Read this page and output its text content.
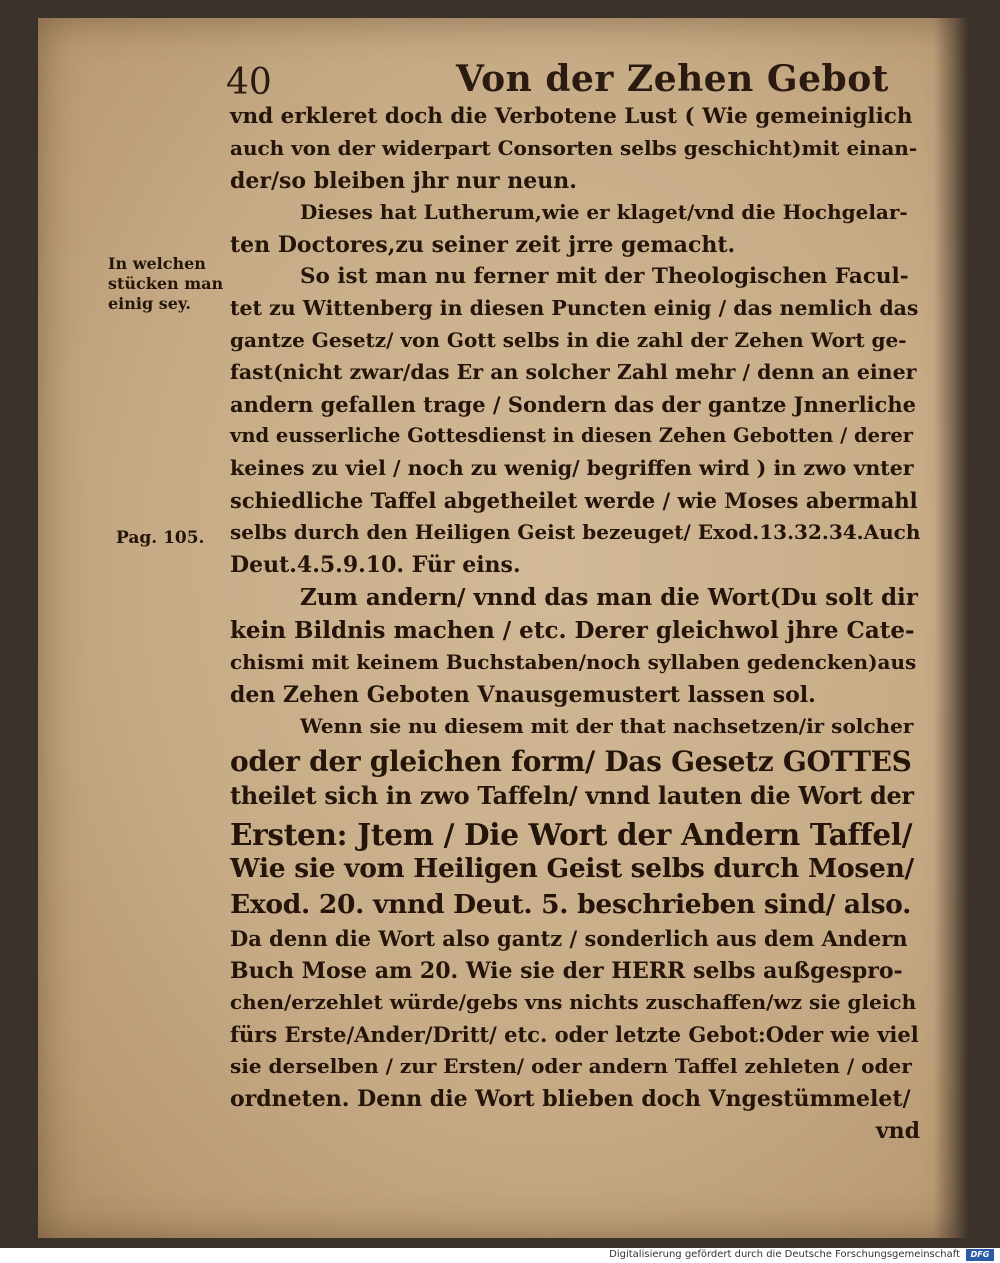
40	Von der Zehen Gebot
In welchen
stücken man
einig sey.
Pag. 105.
vnd erkleret doch die Verbotene Lust ( Wie gemeiniglich
auch von der widerpart Consorten selbs geschicht)mit einan-
der/so bleiben jhr nur neun.
Dieses hat Lutherum,wie er klaget/vnd die Hochgelar-
ten Doctores,zu seiner zeit jrre gemacht.
So ist man nu ferner mit der Theologischen Facul-
tet zu Wittenberg in diesen Puncten einig / das nemlich das
gantze Gesetz/ von Gott selbs in die zahl der Zehen Wort ge-
fast(nicht zwar/das Er an solcher Zahl mehr / denn an einer
andern gefallen trage / Sondern das der gantze Jnnerliche
vnd eusserliche Gottesdienst in diesen Zehen Gebotten / derer
keines zu viel / noch zu wenig/ begriffen wird ) in zwo vnter
schiedliche Taffel abgetheilet werde / wie Moses abermahl
selbs durch den Heiligen Geist bezeuget/ Exod.13.32.34.Auch
Deut.4.5.9.10. Für eins.
Zum andern/ vnnd das man die Wort(Du solt dir
kein Bildnis machen / etc. Derer gleichwol jhre Cate-
chismi mit keinem Buchstaben/noch syllaben gedencken)aus
den Zehen Geboten Vnausgemustert lassen sol.
Wenn sie nu diesem mit der that nachsetzen/ir solcher
oder der gleichen form/ Das Gesetz GOTTES
theilet sich in zwo Taffeln/ vnnd lauten die Wort der
Ersten: Jtem / Die Wort der Andern Taffel/
Wie sie vom Heiligen Geist selbs durch Mosen/
Exod. 20. vnnd Deut. 5. beschrieben sind/ also.
Da denn die Wort also gantz / sonderlich aus dem Andern
Buch Mose am 20. Wie sie der HERR selbs außgespro-
chen/erzehlet würde/gebs vns nichts zuschaffen/wz sie gleich
fürs Erste/Ander/Dritt/ etc. oder letzte Gebot:Oder wie viel
sie derselben / zur Ersten/ oder andern Taffel zehleten / oder
ordneten. Denn die Wort blieben doch Vngestümmelet/
vnd
Digitalisierung gefördert durch die Deutsche Forschungsgemeinschaft	DFG
